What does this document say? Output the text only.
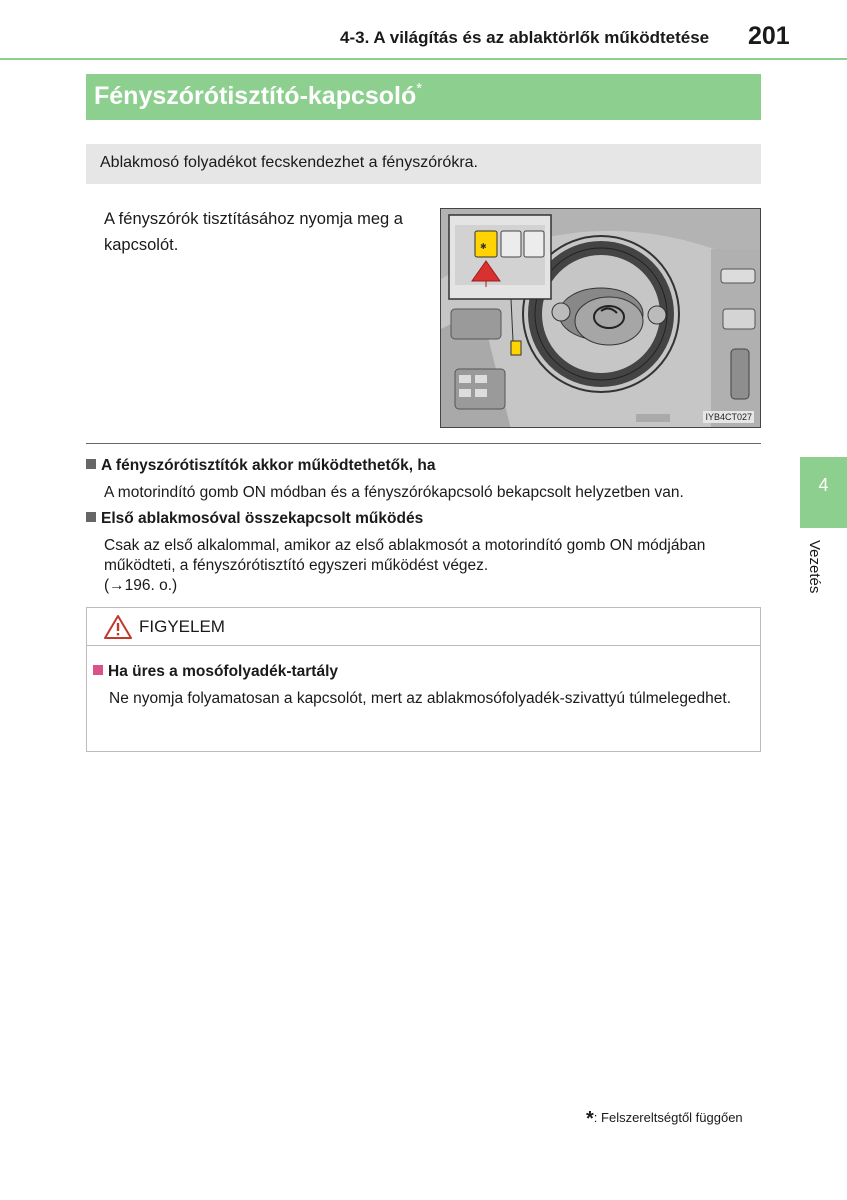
4-3. A világítás és az ablaktörlők működtetése 201
Fényszórótisztító-kapcsoló*
Ablakmosó folyadékot fecskendezhet a fényszórókra.
A fényszórók tisztításához nyomja meg a kapcsolót.	✱
IYB4CT027
A fényszórótisztítók akkor működtethetők, ha
A motorindító gomb ON módban és a fényszórókapcsoló bekapcsolt helyzetben van.
Első ablakmosóval összekapcsolt működés
Csak az első alkalommal, amikor az első ablakmosót a motorindító gomb ON módjában
működteti, a fényszórótisztító egyszeri működést végez.
(→196. o.)
FIGYELEM
Ha üres a mosófolyadék-tartály
Ne nyomja folyamatosan a kapcsolót, mert az ablakmosófolyadék-szivattyú túlmelegedhet.
4
Vezetés
*: Felszereltségtől függően
